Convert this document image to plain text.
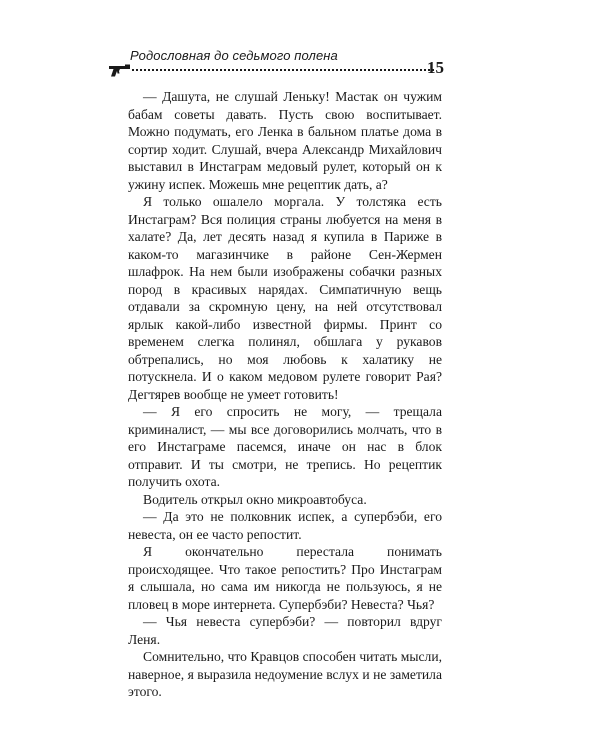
Родословная до седьмого полена
15

— Дашута, не слушай Леньку! Мастак он чужим бабам советы давать. Пусть свою воспитывает. Можно подумать, его Ленка в бальном платье дома в сортир ходит. Слушай, вчера Александр Михайлович выставил в Инстаграм медовый рулет, который он к ужину испек. Можешь мне рецептик дать, а?

Я только ошалело моргала. У толстяка есть Инстаграм? Вся полиция страны любуется на меня в халате? Да, лет десять назад я купила в Париже в каком-то магазинчике в районе Сен-Жермен шлафрок. На нем были изображены собачки разных пород в красивых нарядах. Симпатичную вещь отдавали за скромную цену, на ней отсутствовал ярлык какой-либо известной фирмы. Принт со временем слегка полинял, обшлага у рукавов обтрепались, но моя любовь к халатику не потускнела. И о каком медовом рулете говорит Рая? Дегтярев вообще не умеет готовить!

— Я его спросить не могу, — трещала криминалист, — мы все договорились молчать, что в его Инстаграме пасемся, иначе он нас в блок отправит. И ты смотри, не трепись. Но рецептик получить охота.

Водитель открыл окно микроавтобуса.

— Да это не полковник испек, а супербэби, его невеста, он ее часто репостит.

Я окончательно перестала понимать происходящее. Что такое репостить? Про Инстаграм я слышала, но сама им никогда не пользуюсь, я не пловец в море интернета. Супербэби? Невеста? Чья?

— Чья невеста супербэби? — повторил вдруг Леня.

Сомнительно, что Кравцов способен читать мысли, наверное, я выразила недоумение вслух и не заметила этого.
